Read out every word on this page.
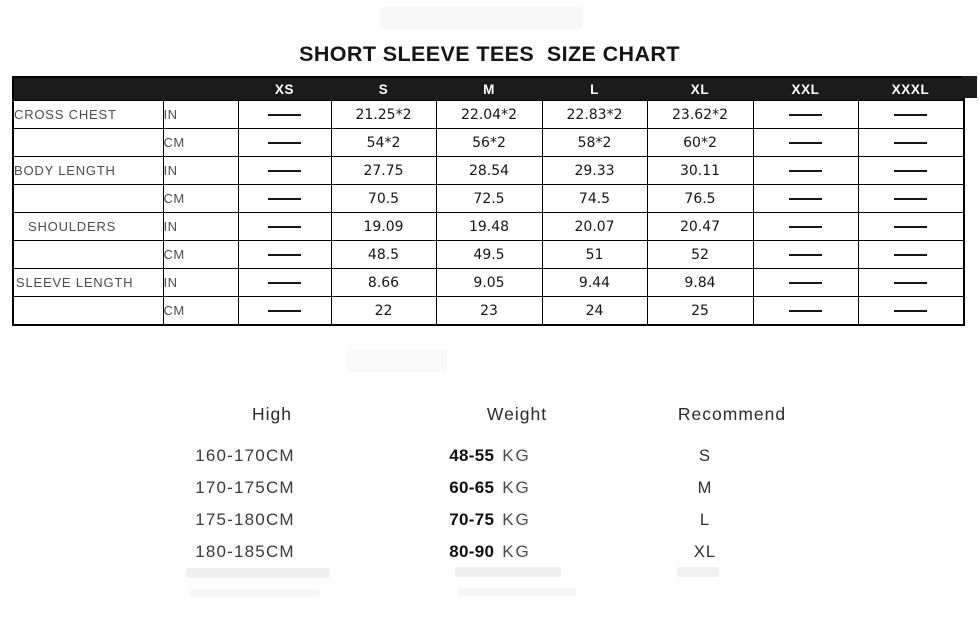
SHORT SLEEVE TEES  SIZE CHART
		XS	S	M	L	XL	XXL	XXXL
CROSS CHEST	IN		21.25*2	22.04*2	22.83*2	23.62*2		
	CM		54*2	56*2	58*2	60*2		
BODY LENGTH	IN		27.75	28.54	29.33	30.11		
	CM		70.5	72.5	74.5	76.5		
SHOULDERS	IN		19.09	19.48	20.07	20.47		
	CM		48.5	49.5	51	52		
SLEEVE LENGTH	IN		8.66	9.05	9.44	9.84		
	CM		22	23	24	25		
High	Weight	Recommend
160-170CM	48-55 KG	S
170-175CM	60-65 KG	M
175-180CM	70-75 KG	L
180-185CM	80-90 KG	XL
